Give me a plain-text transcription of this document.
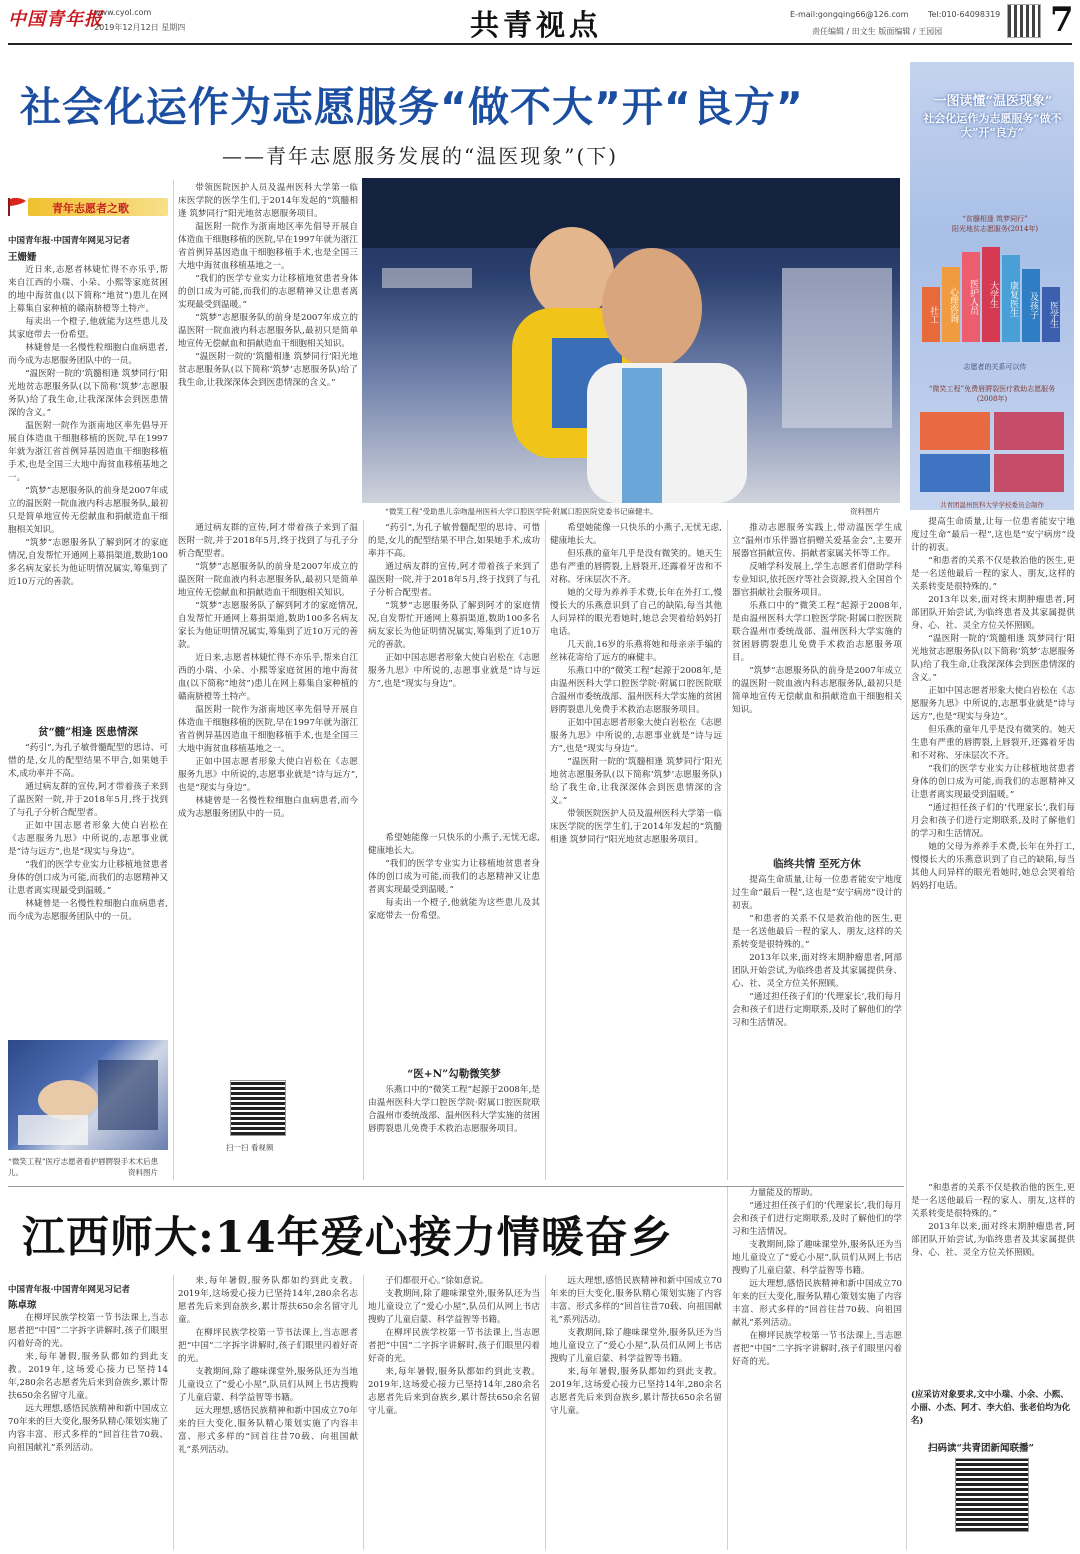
中国青年报
www.cyol.com
2019年12月12日 星期四	共青视点	E-mail:gongqing66@126.com Tel:010-64098319
责任编辑 / 田文生 版面编辑 / 王园园	7
社会化运作为志愿服务“做不大”开“良方”
——青年志愿服务发展的“温医现象”(下)
青年志愿者之歌
中国青年报·中国青年网见习记者
王姗姗

近日来,志愿者林婕忙得不亦乐乎,帮来自江西的小瑞、小朵、小熙等家庭贫困的地中海贫血(以下简称“地贫”)患儿在网上募集自家种植的赣南脐橙等土特产。

每卖出一个橙子,他就能为这些患儿及其家庭带去一份希望。

林婕曾是一名慢性粒细胞白血病患者,而今成为志愿服务团队中的一员。

“温医附一院的‘筑髓相逢 筑梦同行’阳光地贫志愿服务队(以下简称‘筑梦’志愿服务队)给了我生命,让我深深体会到医患情深的含义。”

温医附一院作为浙南地区率先倡导开展自体造血干细胞移植的医院,早在1997年就为浙江省首例异基因造血干细胞移植手术,也是全国三大地中海贫血移植基地之一。

“筑梦”志愿服务队的前身是2007年成立的温医附一院血液内科志愿服务队,最初只是简单地宣传无偿献血和捐献造血干细胞相关知识。

“筑梦”志愿服务队了解到阿才的家庭情况,自发帮忙开通网上募捐渠道,数助100多名病友家长为他证明情况属实,筹集到了近10万元的善款。

贫“髓”相逢 医患情深

“药引”,为孔子敏骨髓配型的思诗、可惜的是,女儿的配型结果不甲合,如果她手术,成功率并不高。

通过病友群的宣传,阿才带着孩子来到了温医附一院,并于2018年5月,终于找到了与孔子分析合配型者。

正如中国志愿者形象大使白岩松在《志愿服务九思》中所说的,志愿事业就是“诗与远方”,也是“现实与身边”。

“我们的医学专业实力让移植地贫患者身体的创口成为可能,而我们的志愿精神又让患者离实现最受到温暖。”

林婕曾是一名慢性粒细胞白血病患者,而今成为志愿服务团队中的一员。

“微笑工程”医疗志愿者看护唇腭裂手术术后患儿。	资料图片

带领医院医护人员及温州医科大学第一临床医学院的医学生们,于2014年发起的“筑髓相逢 筑梦同行”阳光地贫志愿服务项目。

温医附一院作为浙南地区率先倡导开展自体造血干细胞移植的医院,早在1997年就为浙江省首例异基因造血干细胞移植手术,也是全国三大地中海贫血移植基地之一。

“我们的医学专业实力让移植地贫患者身体的创口成为可能,而我们的志愿精神又让患者离实现最受到温暖。”

“筑梦”志愿服务队的前身是2007年成立的温医附一院血液内科志愿服务队,最初只是简单地宣传无偿献血和捐献造血干细胞相关知识。

“温医附一院的‘筑髓相逢 筑梦同行’阳光地贫志愿服务队(以下简称‘筑梦’志愿服务队)给了我生命,让我深深体会到医患情深的含义。”

“微笑工程”受助患儿亲吻温州医科大学口腔医学院·附属口腔医院党委书记麻健丰。	资料图片

通过病友群的宣传,阿才带着孩子来到了温医附一院,并于2018年5月,终于找到了与孔子分析合配型者。

“筑梦”志愿服务队的前身是2007年成立的温医附一院血液内科志愿服务队,最初只是简单地宣传无偿献血和捐献造血干细胞相关知识。

“筑梦”志愿服务队了解到阿才的家庭情况,自发帮忙开通网上募捐渠道,数助100多名病友家长为他证明情况属实,筹集到了近10万元的善款。

近日来,志愿者林婕忙得不亦乐乎,帮来自江西的小瑞、小朵、小熙等家庭贫困的地中海贫血(以下简称“地贫”)患儿在网上募集自家种植的赣南脐橙等土特产。

温医附一院作为浙南地区率先倡导开展自体造血干细胞移植的医院,早在1997年就为浙江省首例异基因造血干细胞移植手术,也是全国三大地中海贫血移植基地之一。

正如中国志愿者形象大使白岩松在《志愿服务九思》中所说的,志愿事业就是“诗与远方”,也是“现实与身边”。

林婕曾是一名慢性粒细胞白血病患者,而今成为志愿服务团队中的一员。

扫一扫 看视频

“药引”,为孔子敏骨髓配型的思诗、可惜的是,女儿的配型结果不甲合,如果她手术,成功率并不高。

通过病友群的宣传,阿才带着孩子来到了温医附一院,并于2018年5月,终于找到了与孔子分析合配型者。

“筑梦”志愿服务队了解到阿才的家庭情况,自发帮忙开通网上募捐渠道,数助100多名病友家长为他证明情况属实,筹集到了近10万元的善款。

正如中国志愿者形象大使白岩松在《志愿服务九思》中所说的,志愿事业就是“诗与远方”,也是“现实与身边”。

希望她能像一只快乐的小燕子,无忧无虑,健康地长大。

“我们的医学专业实力让移植地贫患者身体的创口成为可能,而我们的志愿精神又让患者离实现最受到温暖。”

每卖出一个橙子,他就能为这些患儿及其家庭带去一份希望。

“医+N”勾勒微笑梦

乐燕口中的“微笑工程”起源于2008年,是由温州医科大学口腔医学院·附属口腔医院联合温州市委统战部、温州医科大学实施的贫困唇腭裂患儿免费手术救治志愿服务项目。

希望她能像一只快乐的小燕子,无忧无虑,健康地长大。

但乐燕的童年几乎是没有微笑的。她天生患有严重的唇腭裂,上唇裂开,还露着牙齿和不对称、牙床层次不齐。

她的父母为养养手术费,长年在外打工,慢慢长大的乐燕意识到了自己的缺陷,每当其他人问异样的眼光看她时,她总会哭着给妈妈打电话。

几天前,16岁的乐燕将她和母亲亲手编的丝袜花寄给了远方的麻健丰。

乐燕口中的“微笑工程”起源于2008年,是由温州医科大学口腔医学院·附属口腔医院联合温州市委统战部、温州医科大学实施的贫困唇腭裂患儿免费手术救治志愿服务项目。

正如中国志愿者形象大使白岩松在《志愿服务九思》中所说的,志愿事业就是“诗与远方”,也是“现实与身边”。

“温医附一院的‘筑髓相逢 筑梦同行’阳光地贫志愿服务队(以下简称‘筑梦’志愿服务队)给了我生命,让我深深体会到医患情深的含义。”

带领医院医护人员及温州医科大学第一临床医学院的医学生们,于2014年发起的“筑髓相逢 筑梦同行”阳光地贫志愿服务项目。

推动志愿服务实践上,带动温医学生成立“温州市乐伴器官捐赠关爱基金会”,主要开展器官捐献宣传、捐献者家属关怀等工作。

反哺学科发展上,学生志愿者们借助学科专业知识,依托医疗等社会资源,投入全国首个器官捐献社会服务项目。

乐燕口中的“微笑工程”起源于2008年,是由温州医科大学口腔医学院·附属口腔医院联合温州市委统战部、温州医科大学实施的贫困唇腭裂患儿免费手术救治志愿服务项目。

“筑梦”志愿服务队的前身是2007年成立的温医附一院血液内科志愿服务队,最初只是简单地宣传无偿献血和捐献造血干细胞相关知识。

临终共情 至死方休

提高生命质量,让每一位患者能安宁地度过生命“最后一程”,这也是“安宁病房”设计的初衷。

“和患者的关系不仅是救治他的医生,更是一名送他最后一程的家人、朋友,这样的关系转变是很特殊的。”

2013年以来,面对终末期肿瘤患者,阿部团队开始尝试,为临终患者及其家属提供身、心、社、灵全方位关怀照顾。

“通过担任孩子们的‘代理家长’,我们每月会和孩子们进行定期联系,及时了解他们的学习和生活情况。

一图读懂“温医现象”
社会化运作为志愿服务“做不大”开“良方”
“贫髓相逢 筑梦同行”
阳光地贫志愿服务(2014年)
社工	心理咨询	医护人员	大学生	康复医生	及孩子	医学生
志愿者的关系可以传
“微笑工程”免费唇腭裂医疗救助志愿服务(2008年)
共青团温州医科大学学校委员会制作

提高生命质量,让每一位患者能安宁地度过生命“最后一程”,这也是“安宁病房”设计的初衷。

“和患者的关系不仅是救治他的医生,更是一名送他最后一程的家人、朋友,这样的关系转变是很特殊的。”

2013年以来,面对终末期肿瘤患者,阿部团队开始尝试,为临终患者及其家属提供身、心、社、灵全方位关怀照顾。

“温医附一院的‘筑髓相逢 筑梦同行’阳光地贫志愿服务队(以下简称‘筑梦’志愿服务队)给了我生命,让我深深体会到医患情深的含义。”

正如中国志愿者形象大使白岩松在《志愿服务九思》中所说的,志愿事业就是“诗与远方”,也是“现实与身边”。

但乐燕的童年几乎是没有微笑的。她天生患有严重的唇腭裂,上唇裂开,还露着牙齿和不对称、牙床层次不齐。

“我们的医学专业实力让移植地贫患者身体的创口成为可能,而我们的志愿精神又让患者离实现最受到温暖。”

“通过担任孩子们的‘代理家长’,我们每月会和孩子们进行定期联系,及时了解他们的学习和生活情况。

她的父母为养养手术费,长年在外打工,慢慢长大的乐燕意识到了自己的缺陷,每当其他人问异样的眼光看她时,她总会哭着给妈妈打电话。

江西师大:14年爱心接力情暖奋乡
中国青年报·中国青年网见习记者
陈卓琼

在柳坪民族学校第一节书法课上,当志愿者把“中国”二字拆字讲解时,孩子们眼里闪着好奇的光。

来,每年暑假,服务队都如约到此支教。2019年,这场爱心接力已坚持14年,280余名志愿者先后来到奋族乡,累计帮扶650余名留守儿童。

远大理想,感悟民族精神和新中国成立70年来的巨大变化,服务队精心策划实施了内容丰富、形式多样的“回首往昔70载、向祖国献礼”系列活动。

来,每年暑假,服务队都如约到此支教。2019年,这场爱心接力已坚持14年,280余名志愿者先后来到奋族乡,累计帮扶650余名留守儿童。

在柳坪民族学校第一节书法课上,当志愿者把“中国”二字拆字讲解时,孩子们眼里闪着好奇的光。

支教期间,除了趣味课堂外,服务队还为当地儿童设立了“爱心小屋”,队员们从网上书店搜购了儿童启蒙、科学益智等书籍。

远大理想,感悟民族精神和新中国成立70年来的巨大变化,服务队精心策划实施了内容丰富、形式多样的“回首往昔70载、向祖国献礼”系列活动。

子们都很开心。”徐如意说。

支教期间,除了趣味课堂外,服务队还为当地儿童设立了“爱心小屋”,队员们从网上书店搜购了儿童启蒙、科学益智等书籍。

在柳坪民族学校第一节书法课上,当志愿者把“中国”二字拆字讲解时,孩子们眼里闪着好奇的光。

来,每年暑假,服务队都如约到此支教。2019年,这场爱心接力已坚持14年,280余名志愿者先后来到奋族乡,累计帮扶650余名留守儿童。

远大理想,感悟民族精神和新中国成立70年来的巨大变化,服务队精心策划实施了内容丰富、形式多样的“回首往昔70载、向祖国献礼”系列活动。

支教期间,除了趣味课堂外,服务队还为当地儿童设立了“爱心小屋”,队员们从网上书店搜购了儿童启蒙、科学益智等书籍。

来,每年暑假,服务队都如约到此支教。2019年,这场爱心接力已坚持14年,280余名志愿者先后来到奋族乡,累计帮扶650余名留守儿童。

力量能及的帮助。

“通过担任孩子们的‘代理家长’,我们每月会和孩子们进行定期联系,及时了解他们的学习和生活情况。

支教期间,除了趣味课堂外,服务队还为当地儿童设立了“爱心小屋”,队员们从网上书店搜购了儿童启蒙、科学益智等书籍。

远大理想,感悟民族精神和新中国成立70年来的巨大变化,服务队精心策划实施了内容丰富、形式多样的“回首往昔70载、向祖国献礼”系列活动。

在柳坪民族学校第一节书法课上,当志愿者把“中国”二字拆字讲解时,孩子们眼里闪着好奇的光。

“和患者的关系不仅是救治他的医生,更是一名送他最后一程的家人、朋友,这样的关系转变是很特殊的。”

2013年以来,面对终末期肿瘤患者,阿部团队开始尝试,为临终患者及其家属提供身、心、社、灵全方位关怀照顾。

(应采访对象要求,文中小瑞、小余、小熙、小丽、小杰、阿才、李大伯、张老伯均为化名)
扫码读“共青团新闻联播”
